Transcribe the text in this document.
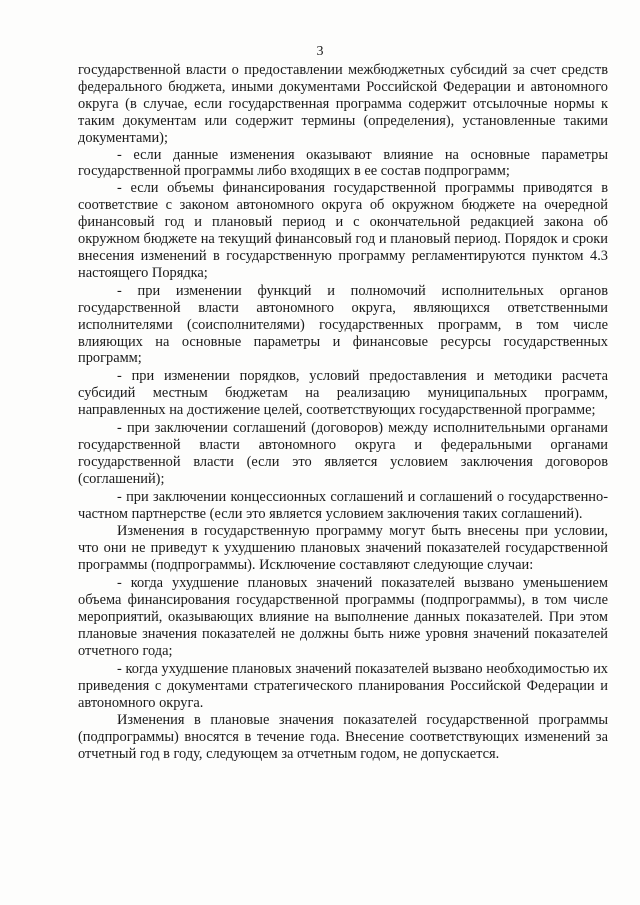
3

государственной власти о предоставлении межбюджетных субсидий за счет средств федерального бюджета, иными документами Российской Федерации и автономного округа (в случае, если государственная программа содержит отсылочные нормы к таким документам или содержит термины (определения), установленные такими документами);

- если данные изменения оказывают влияние на основные параметры государственной программы либо входящих в ее состав подпрограмм;

- если объемы финансирования государственной программы приводятся в соответствие с законом автономного округа об окружном бюджете на очередной финансовый год и плановый период и с окончательной редакцией закона об окружном бюджете на текущий финансовый год и плановый период. Порядок и сроки внесения изменений в государственную программу регламентируются пунктом 4.3 настоящего Порядка;

- при изменении функций и полномочий исполнительных органов государственной власти автономного округа, являющихся ответственными исполнителями (соисполнителями) государственных программ, в том числе влияющих на основные параметры и финансовые ресурсы государственных программ;

- при изменении порядков, условий предоставления и методики расчета субсидий местным бюджетам на реализацию муниципальных программ, направленных на достижение целей, соответствующих государственной программе;

- при заключении соглашений (договоров) между исполнительными органами государственной власти автономного округа и федеральными органами государственной власти (если это является условием заключения договоров (соглашений);

- при заключении концессионных соглашений и соглашений о государственно-частном партнерстве (если это является условием заключения таких соглашений).

Изменения в государственную программу могут быть внесены при условии, что они не приведут к ухудшению плановых значений показателей государственной программы (подпрограммы). Исключение составляют следующие случаи:

- когда ухудшение плановых значений показателей вызвано уменьшением объема финансирования государственной программы (подпрограммы), в том числе мероприятий, оказывающих влияние на выполнение данных показателей. При этом плановые значения показателей не должны быть ниже уровня значений показателей отчетного года;

- когда ухудшение плановых значений показателей вызвано необходимостью их приведения с документами стратегического планирования Российской Федерации и автономного округа.

Изменения в плановые значения показателей государственной программы (подпрограммы) вносятся в течение года. Внесение соответствующих изменений за отчетный год в году, следующем за отчетным годом, не допускается.
